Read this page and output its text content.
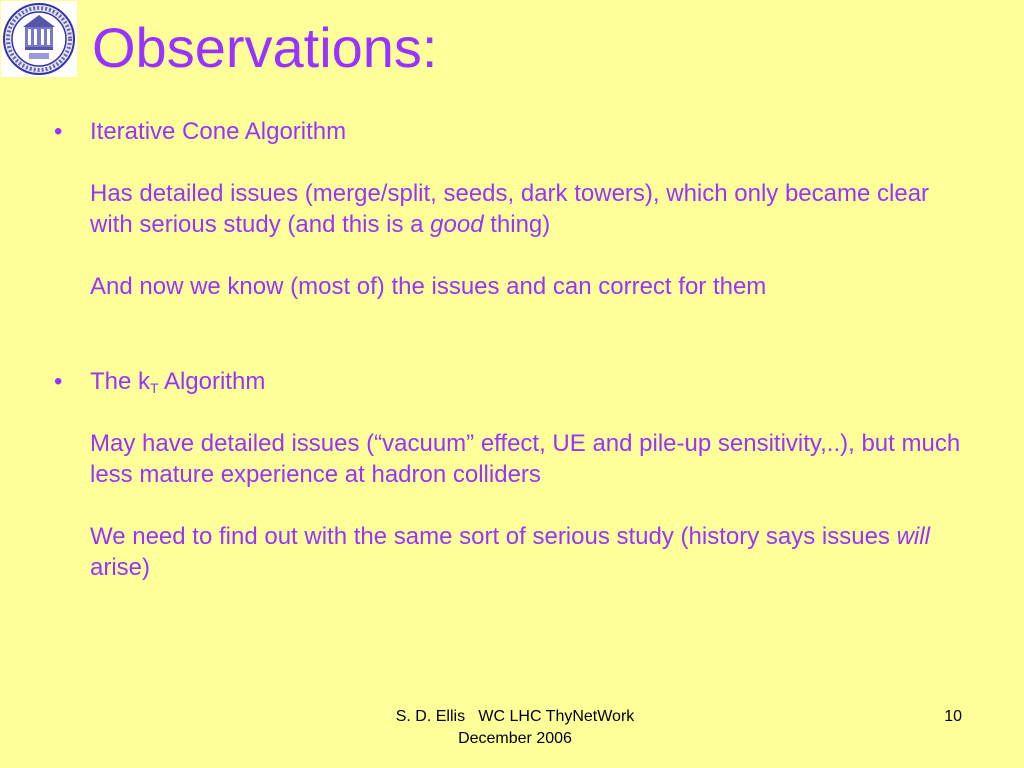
Observations:
• Iterative Cone Algorithm

Has detailed issues (merge/split, seeds, dark towers), which only became clear with serious study (and this is a good thing)

And now we know (most of) the issues and can correct for them

• The $k_T$ Algorithm

May have detailed issues (“vacuum” effect, UE and pile-up sensitivity,..), but much less mature experience at hadron colliders

We need to find out with the same sort of serious study (history says issues will arise)

S. D. Ellis   WC LHC ThyNetWork
December 2006
10
